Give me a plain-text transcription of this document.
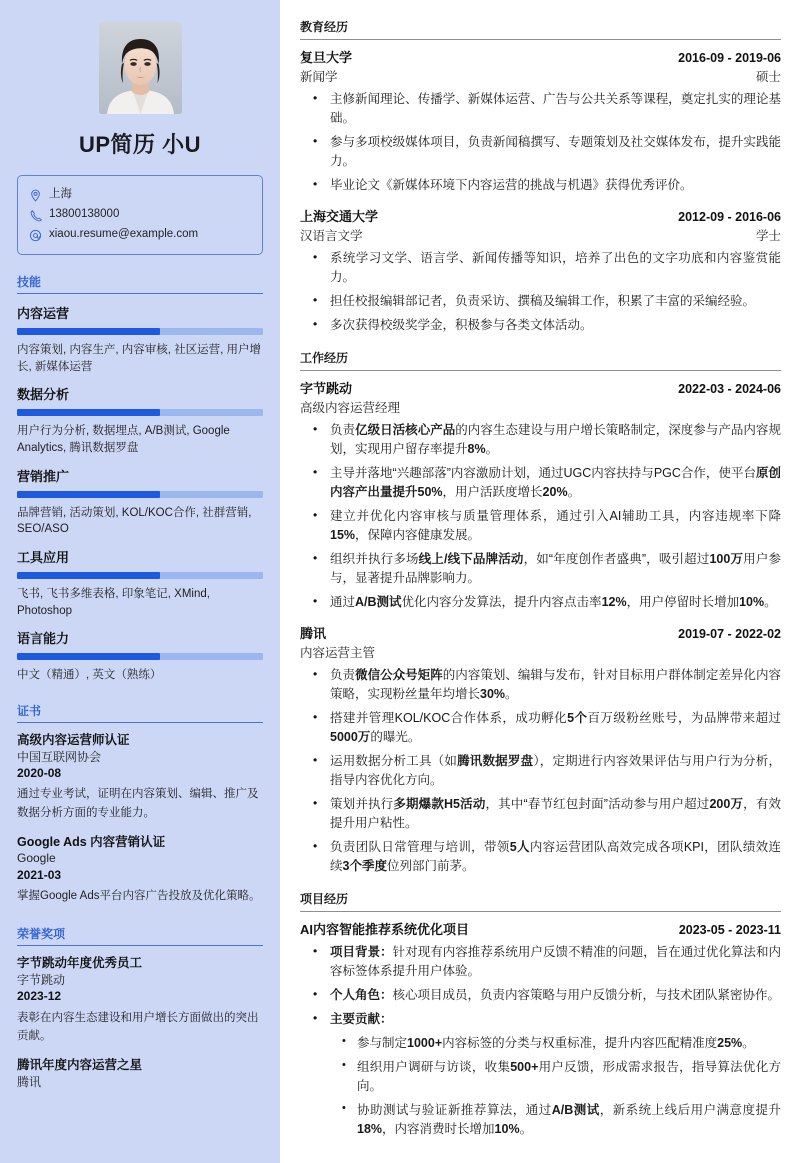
UP简历 小U
上海
13800138000
xiaou.resume@example.com
技能
内容运营
内容策划, 内容生产, 内容审核, 社区运营, 用户增长, 新媒体运营
数据分析
用户行为分析, 数据埋点, A/B测试, Google Analytics, 腾讯数据罗盘
营销推广
品牌营销, 活动策划, KOL/KOC合作, 社群营销, SEO/ASO
工具应用
飞书, 飞书多维表格, 印象笔记, XMind, Photoshop
语言能力
中文（精通）, 英文（熟练）
证书
高级内容运营师认证
中国互联网协会
2020-08
通过专业考试，证明在内容策划、编辑、推广及数据分析方面的专业能力。
Google Ads 内容营销认证
Google
2021-03
掌握Google Ads平台内容广告投放及优化策略。
荣誉奖项
字节跳动年度优秀员工
字节跳动
2023-12
表彰在内容生态建设和用户增长方面做出的突出贡献。
腾讯年度内容运营之星
腾讯
教育经历
复旦大学	2016-09 - 2019-06
新闻学	硕士
• 主修新闻理论、传播学、新媒体运营、广告与公共关系等课程，奠定扎实的理论基础。
• 参与多项校级媒体项目，负责新闻稿撰写、专题策划及社交媒体发布，提升实践能力。
• 毕业论文《新媒体环境下内容运营的挑战与机遇》获得优秀评价。
上海交通大学	2012-09 - 2016-06
汉语言文学	学士
• 系统学习文学、语言学、新闻传播等知识，培养了出色的文字功底和内容鉴赏能力。
• 担任校报编辑部记者，负责采访、撰稿及编辑工作，积累了丰富的采编经验。
• 多次获得校级奖学金，积极参与各类文体活动。
工作经历
字节跳动	2022-03 - 2024-06
高级内容运营经理
• 负责亿级日活核心产品的内容生态建设与用户增长策略制定，深度参与产品内容规划，实现用户留存率提升8%。
• 主导并落地“兴趣部落”内容激励计划，通过UGC内容扶持与PGC合作，使平台原创内容产出量提升50%，用户活跃度增长20%。
• 建立并优化内容审核与质量管理体系，通过引入AI辅助工具，内容违规率下降15%，保障内容健康发展。
• 组织并执行多场线上/线下品牌活动，如“年度创作者盛典”，吸引超过100万用户参与，显著提升品牌影响力。
• 通过A/B测试优化内容分发算法，提升内容点击率12%，用户停留时长增加10%。
腾讯	2019-07 - 2022-02
内容运营主管
• 负责微信公众号矩阵的内容策划、编辑与发布，针对目标用户群体制定差异化内容策略，实现粉丝量年均增长30%。
• 搭建并管理KOL/KOC合作体系，成功孵化5个百万级粉丝账号，为品牌带来超过5000万的曝光。
• 运用数据分析工具（如腾讯数据罗盘），定期进行内容效果评估与用户行为分析，指导内容优化方向。
• 策划并执行多期爆款H5活动，其中“春节红包封面”活动参与用户超过200万，有效提升用户粘性。
• 负责团队日常管理与培训，带领5人内容运营团队高效完成各项KPI，团队绩效连续3个季度位列部门前茅。
项目经历
AI内容智能推荐系统优化项目	2023-05 - 2023-11
• 项目背景：针对现有内容推荐系统用户反馈不精准的问题，旨在通过优化算法和内容标签体系提升用户体验。
• 个人角色：核心项目成员，负责内容策略与用户反馈分析，与技术团队紧密协作。
• 主要贡献：
• 参与制定1000+内容标签的分类与权重标准，提升内容匹配精准度25%。
• 组织用户调研与访谈，收集500+用户反馈，形成需求报告，指导算法优化方向。
• 协助测试与验证新推荐算法，通过A/B测试，新系统上线后用户满意度提升18%，内容消费时长增加10%。
